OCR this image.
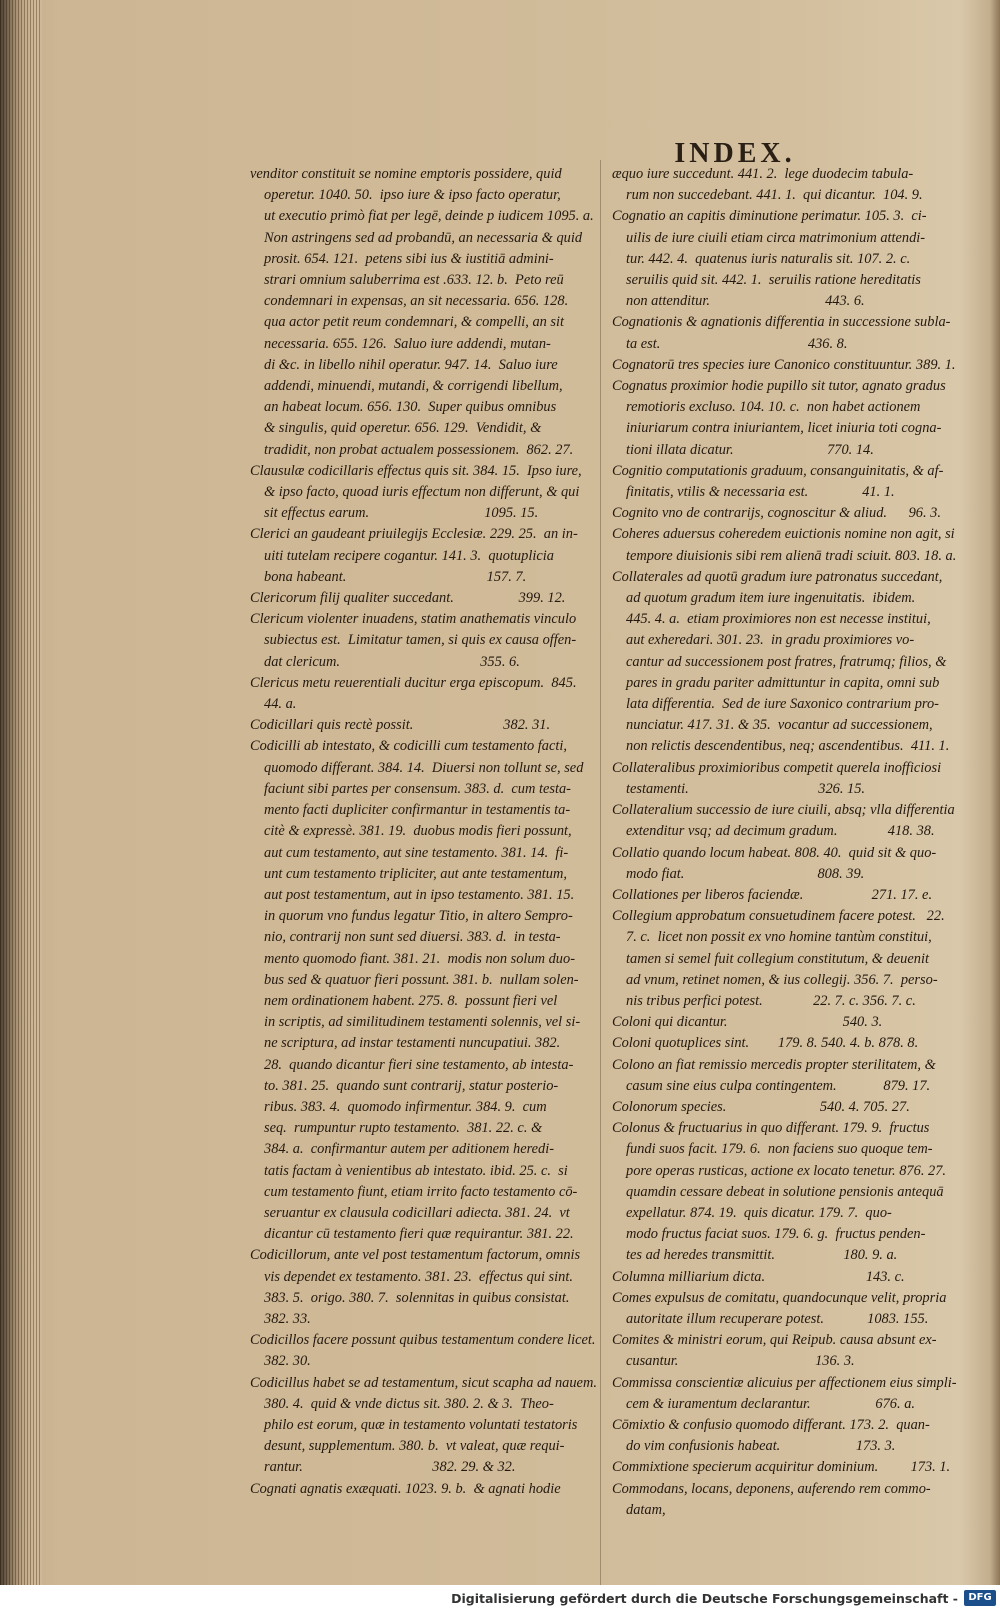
INDEX.
venditor constituit se nomine emptoris possidere, quid
operetur. 1040. 50.  ipso iure & ipso facto operatur,
ut executio primò fiat per legē, deinde p iudicem 1095. a.
Non astringens sed ad probandū, an necessaria & quid
prosit. 654. 121.  petens sibi ius & iustitiā admini-
strari omnium saluberrima est .633. 12. b.  Peto reū
condemnari in expensas, an sit necessaria. 656. 128.
qua actor petit reum condemnari, & compelli, an sit
necessaria. 655. 126.  Saluo iure addendi, mutan-
di &c. in libello nihil operatur. 947. 14.  Saluo iure
addendi, minuendi, mutandi, & corrigendi libellum,
an habeat locum. 656. 130.  Super quibus omnibus
& singulis, quid operetur. 656. 129.  Vendidit, &
tradidit, non probat actualem possessionem.  862. 27.
Clausulæ codicillaris effectus quis sit. 384. 15.  Ipso iure,
& ipso facto, quoad iuris effectum non differunt, & qui
sit effectus earum.                                1095. 15.
Clerici an gaudeant priuilegijs Ecclesiæ. 229. 25.  an in-
uiti tutelam recipere cogantur. 141. 3.  quotuplicia
bona habeant.                                       157. 7.
Clericorum filij qualiter succedant.                  399. 12.
Clericum violenter inuadens, statim anathematis vinculo
subiectus est.  Limitatur tamen, si quis ex causa offen-
dat clericum.                                       355. 6.
Clericus metu reuerentiali ducitur erga episcopum.  845.
44. a.
Codicillari quis rectè possit.                         382. 31.
Codicilli ab intestato, & codicilli cum testamento facti,
quomodo differant. 384. 14.  Diuersi non tollunt se, sed
faciunt sibi partes per consensum. 383. d.  cum testa-
mento facti dupliciter confirmantur in testamentis ta-
citè & expressè. 381. 19.  duobus modis fieri possunt,
aut cum testamento, aut sine testamento. 381. 14.  fi-
unt cum testamento tripliciter, aut ante testamentum,
aut post testamentum, aut in ipso testamento. 381. 15.
in quorum vno fundus legatur Titio, in altero Sempro-
nio, contrarij non sunt sed diuersi. 383. d.  in testa-
mento quomodo fiant. 381. 21.  modis non solum duo-
bus sed & quatuor fieri possunt. 381. b.  nullam solen-
nem ordinationem habent. 275. 8.  possunt fieri vel
in scriptis, ad similitudinem testamenti solennis, vel si-
ne scriptura, ad instar testamenti nuncupatiui. 382.
28.  quando dicantur fieri sine testamento, ab intesta-
to. 381. 25.  quando sunt contrarij, statur posterio-
ribus. 383. 4.  quomodo infirmentur. 384. 9.  cum
seq.  rumpuntur rupto testamento.  381. 22. c. &
384. a.  confirmantur autem per aditionem heredi-
tatis factam à venientibus ab intestato. ibid. 25. c.  si
cum testamento fiunt, etiam irrito facto testamento cō-
seruantur ex clausula codicillari adiecta. 381. 24.  vt
dicantur cū testamento fieri quæ requirantur. 381. 22.
Codicillorum, ante vel post testamentum factorum, omnis
vis dependet ex testamento. 381. 23.  effectus qui sint.
383. 5.  origo. 380. 7.  solennitas in quibus consistat.
382. 33.
Codicillos facere possunt quibus testamentum condere licet.
382. 30.
Codicillus habet se ad testamentum, sicut scapha ad nauem.
380. 4.  quid & vnde dictus sit. 380. 2. & 3.  Theo-
philo est eorum, quæ in testamento voluntati testatoris
desunt, supplementum. 380. b.  vt valeat, quæ requi-
rantur.                                    382. 29. & 32.
Cognati agnatis exæquati. 1023. 9. b.  & agnati hodie
æquo iure succedunt. 441. 2.  lege duodecim tabula-
rum non succedebant. 441. 1.  qui dicantur.  104. 9.
Cognatio an capitis diminutione perimatur. 105. 3.  ci-
uilis de iure ciuili etiam circa matrimonium attendi-
tur. 442. 4.  quatenus iuris naturalis sit. 107. 2. c.
seruilis quid sit. 442. 1.  seruilis ratione hereditatis
non attenditur.                                443. 6.
Cognationis & agnationis differentia in successione subla-
ta est.                                         436. 8.
Cognatorū tres species iure Canonico constituuntur. 389. 1.
Cognatus proximior hodie pupillo sit tutor, agnato gradus
remotioris excluso. 104. 10. c.  non habet actionem
iniuriarum contra iniuriantem, licet iniuria toti cogna-
tioni illata dicatur.                          770. 14.
Cognitio computationis graduum, consanguinitatis, & af-
finitatis, vtilis & necessaria est.               41. 1.
Cognito vno de contrarijs, cognoscitur & aliud.      96. 3.
Coheres aduersus coheredem euictionis nomine non agit, si
tempore diuisionis sibi rem alienā tradi sciuit. 803. 18. a.
Collaterales ad quotū gradum iure patronatus succedant,
ad quotum gradum item iure ingenuitatis.  ibidem.
445. 4. a.  etiam proximiores non est necesse institui,
aut exheredari. 301. 23.  in gradu proximiores vo-
cantur ad successionem post fratres, fratrumq; filios, &
pares in gradu pariter admittuntur in capita, omni sub
lata differentia.  Sed de iure Saxonico contrarium pro-
nunciatur. 417. 31. & 35.  vocantur ad successionem,
non relictis descendentibus, neq; ascendentibus.  411. 1.
Collateralibus proximioribus competit querela inofficiosi
testamenti.                                    326. 15.
Collateralium successio de iure ciuili, absq; vlla differentia
extenditur vsq; ad decimum gradum.              418. 38.
Collatio quando locum habeat. 808. 40.  quid sit & quo-
modo fiat.                                     808. 39.
Collationes per liberos faciendæ.                   271. 17. e.
Collegium approbatum consuetudinem facere potest.   22.
7. c.  licet non possit ex vno homine tantùm constitui,
tamen si semel fuit collegium constitutum, & deuenit
ad vnum, retinet nomen, & ius collegij. 356. 7.  perso-
nis tribus perfici potest.              22. 7. c. 356. 7. c.
Coloni qui dicantur.                                540. 3.
Coloni quotuplices sint.        179. 8. 540. 4. b. 878. 8.
Colono an fiat remissio mercedis propter sterilitatem, &
casum sine eius culpa contingentem.             879. 17.
Colonorum species.                          540. 4. 705. 27.
Colonus & fructuarius in quo differant. 179. 9.  fructus
fundi suos facit. 179. 6.  non faciens suo quoque tem-
pore operas rusticas, actione ex locato tenetur. 876. 27.
quamdin cessare debeat in solutione pensionis antequā
expellatur. 874. 19.  quis dicatur. 179. 7.  quo-
modo fructus faciat suos. 179. 6. g.  fructus penden-
tes ad heredes transmittit.                   180. 9. a.
Columna milliarium dicta.                            143. c.
Comes expulsus de comitatu, quandocunque velit, propria
autoritate illum recuperare potest.            1083. 155.
Comites & ministri eorum, qui Reipub. causa absunt ex-
cusantur.                                      136. 3.
Commissa conscientiæ alicuius per affectionem eius simpli-
cem & iuramentum declarantur.                  676. a.
Cōmixtio & confusio quomodo differant. 173. 2.  quan-
do vim confusionis habeat.                     173. 3.
Commixtione specierum acquiritur dominium.         173. 1.
Commodans, locans, deponens, auferendo rem commo-
datam,
Digitalisierung gefördert durch die Deutsche Forschungsgemeinschaft -	DFG
